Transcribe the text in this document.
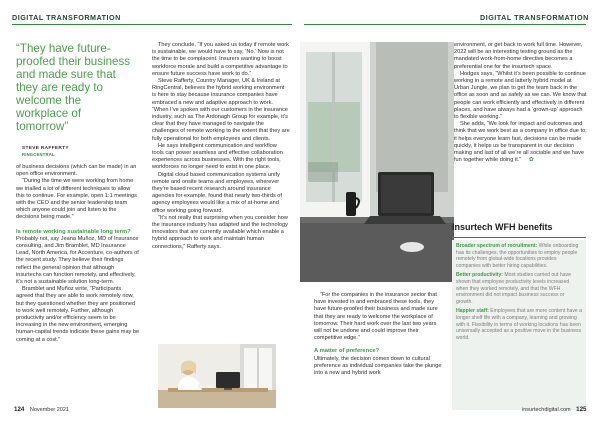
DIGITAL TRANSFORMATION	DIGITAL TRANSFORMATION
“They have future-proofed their business and made sure that they are ready to welcome the workplace of tomorrow”
STEVE RAFFERTY
RINGCENTRAL

of business decisions (which can be made) in an open office environment.

“During the time we were working from home we trialled a lot of different techniques to allow this to continue. For example, open 1:1 meetings with the CEO and the senior leadership team which anyone could join and listen to the decisions being made.”

Is remote working sustainable long term?

Probably not, say Jeana Muñoz, MD of Insurance consulting, and Jim Bramblet, MD Insurance Lead, North America, for Accenture, co-authors of the recent study. They believe their findings reflect the general opinion that although insurtechs can function remotely, and effectively, it’s not a sustainable solution long-term.

Bramblet and Muñoz write, “Participants agreed that they are able to work remotely now, but they questioned whether they are positioned to work well remotely. Further, although productivity and/or efficiency seem to be increasing in the new environment, emerging human-capital trends indicate these gains may be coming at a cost.”

They conclude, “If you asked us today if remote work is sustainable, we would have to say, ‘No.’ Now is not the time to be complacent. Insurers wanting to boost workforce morale and build a competitive advantage to ensure future success have work to do.”

Steve Rafferty, Country Manager, UK & Ireland at RingCentral, believes the hybrid working environment is here to stay because insurance companies have embraced a new and adaptive approach to work. “When I’ve spoken with our customers in the insurance industry, such as The Ardonagh Group for example, it’s clear that they have managed to navigate the challenges of remote working to the extent that they are fully operational for both employees and clients.

He says intelligent communication and workflow tools can power seamless and effective collaboration experiences across businesses. With the right tools, workforces no longer need to exist in one place.

Digital cloud based communication systems unify remote and onsite teams and employees, wherever they’re based recent research around insurance agencies for example, found that nearly two-thirds of agency employees would like a mix of at-home and office working going forward.

“It’s not really that surprising when you consider how the insurance industry has adapted and the technology innovators that are currently available which enable a hybrid approach to work and maintain human connections,” Rafferty says.

“For the companies in the insurance sector that have invested in and embraced these tools, they have future-proofed their business and made sure that they are ready to welcome the workplace of tomorrow. Their hard work over the last two years will not be undone and could improve their competitive edge.”

A matter of preference?

Ultimately, the decision comes down to cultural preference as individual companies take the plunge into a new and hybrid work

environment, or get back to work full time. However, 2022 will be an interesting testing ground as the mandated work-from-home directive becomes a preferential one for the insurtech space.

Hodges says, “Whilst it’s been possible to continue working in a remote and latterly hybrid model at Urban Jungle, we plan to get the team back in the office as soon and as safely as we can. We know that people can work efficiently and effectively in different places, and have always had a ‘grown-up’ approach to flexible working.”

She adds, “We look for impact and outcomes and think that we work best as a company in office due to; it helps everyone learn fast, decisions can be made quickly, it helps us be transparent in our decision making and last of all we’re all sociable and we have fun together while doing it.” ✿

Insurtech WFH benefits

Broader spectrum of recruitment: While onboarding has its challenges, the opportunities to employ people remotely from global-wide locations provides companies with better hiring capabilities.

Better productivity: Most studies carried out have shown that employee productivity levels increased when they worked remotely, and that the WFH environment did not impact business success or growth.

Happier staff: Employees that are more content have a longer shelf life with a company, learning and growing with it. Flexibility in terms of working locations has been universally accepted as a positive move in the business world.

124 November 2021	insurtechdigital.com 125
